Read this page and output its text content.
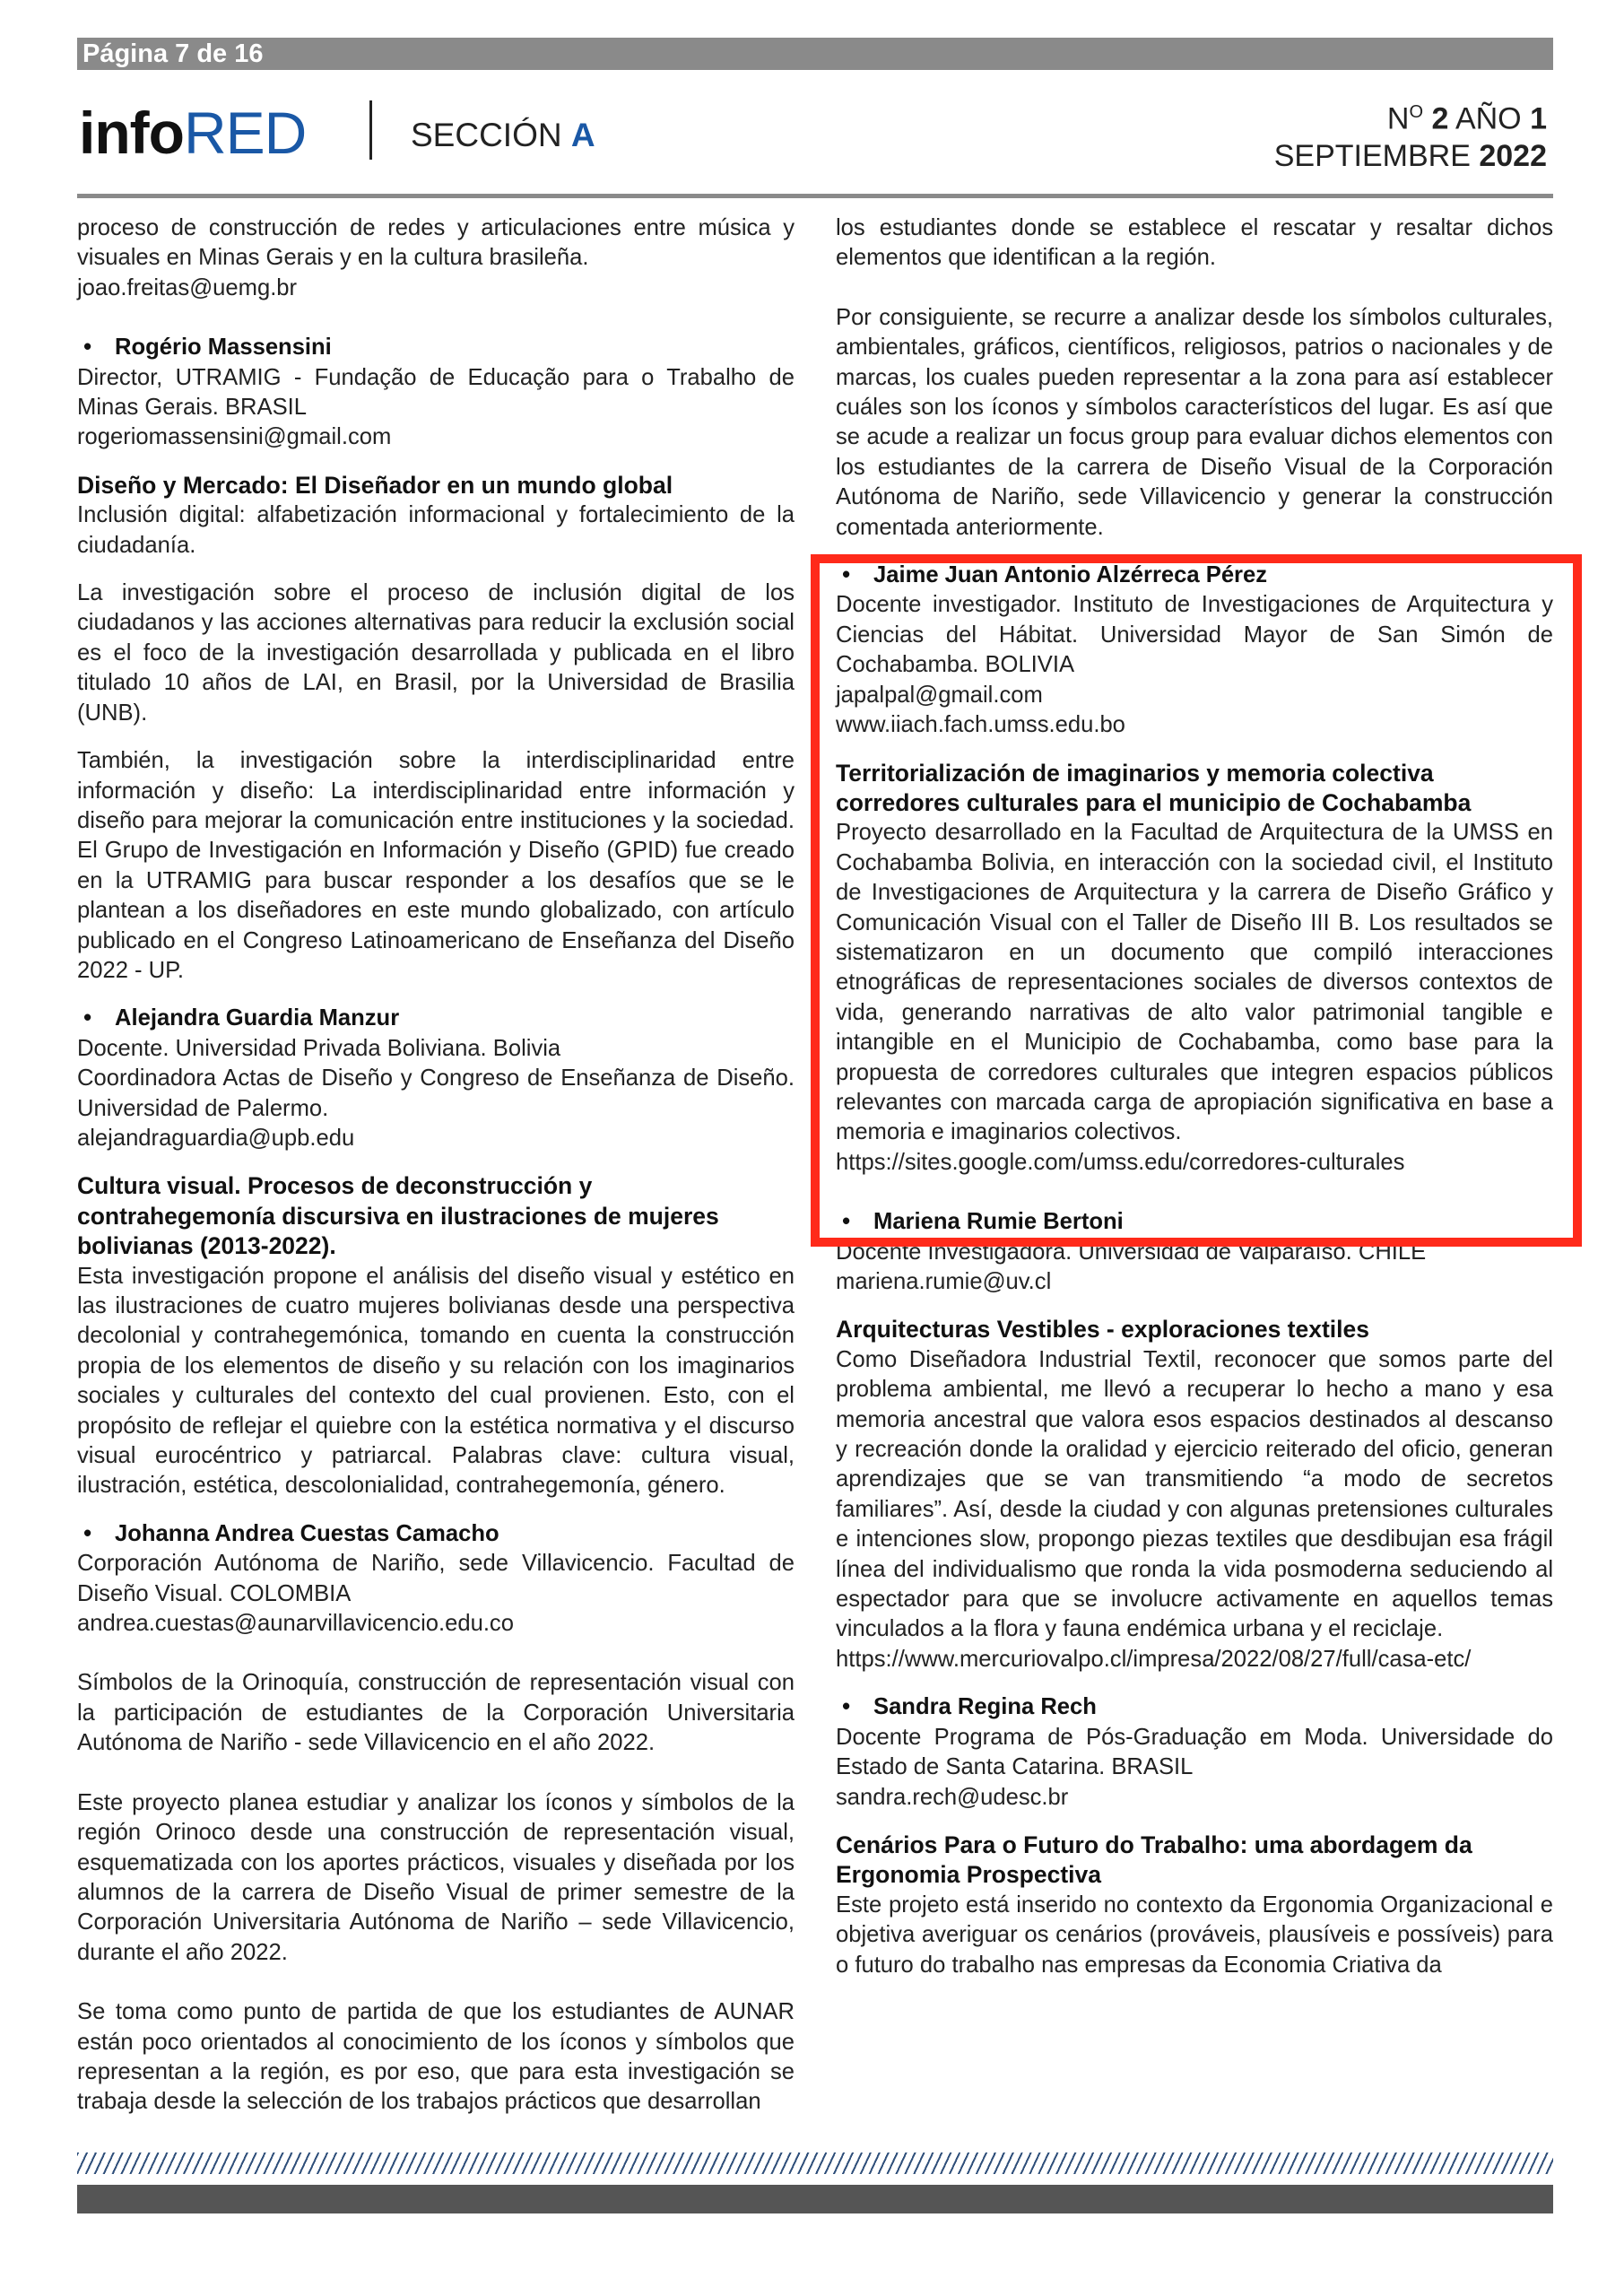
Página 7 de 16
infoRED	SECCIÓN A	$N^O$ 2 AÑO 1
SEPTIEMBRE 2022

proceso de construcción de redes y articulaciones entre música y visuales en Minas Gerais y en la cultura brasileña.

joao.freitas@uemg.br

• Rogério Massensini

Director, UTRAMIG - Fundação de Educação para o Trabalho de Minas Gerais. BRASIL

rogeriomassensini@gmail.com

Diseño y Mercado: El Diseñador en un mundo global

Inclusión digital: alfabetización informacional y fortalecimiento de la ciudadanía.

La investigación sobre el proceso de inclusión digital de los ciudadanos y las acciones alternativas para reducir la exclusión social es el foco de la investigación desarrollada y publicada en el libro titulado 10 años de LAI, en Brasil, por la Universidad de Brasilia (UNB).

También, la investigación sobre la interdisciplinaridad entre información y diseño: La interdisciplinaridad entre información y diseño para mejorar la comunicación entre instituciones y la sociedad. El Grupo de Investigación en Información y Diseño (GPID) fue creado en la UTRAMIG para buscar responder a los desafíos que se le plantean a los diseñadores en este mundo globalizado, con artículo publicado en el Congreso Latinoamericano de Enseñanza del Diseño 2022 - UP.

• Alejandra Guardia Manzur

Docente. Universidad Privada Boliviana. Bolivia

Coordinadora Actas de Diseño y Congreso de Enseñanza de Diseño. Universidad de Palermo.

alejandraguardia@upb.edu

Cultura visual. Procesos de deconstrucción y contrahegemonía discursiva en ilustraciones de mujeres bolivianas (2013-2022).

Esta investigación propone el análisis del diseño visual y estético en las ilustraciones de cuatro mujeres bolivianas desde una perspectiva decolonial y contrahegemónica, tomando en cuenta la construcción propia de los elementos de diseño y su relación con los imaginarios sociales y culturales del contexto del cual provienen. Esto, con el propósito de reflejar el quiebre con la estética normativa y el discurso visual eurocéntrico y patriarcal. Palabras clave: cultura visual, ilustración, estética, descolonialidad, contrahegemonía, género.

• Johanna Andrea Cuestas Camacho

Corporación Autónoma de Nariño, sede Villavicencio. Facultad de Diseño Visual. COLOMBIA

andrea.cuestas@aunarvillavicencio.edu.co

Símbolos de la Orinoquía, construcción de representación visual con la participación de estudiantes de la Corporación Universitaria Autónoma de Nariño - sede Villavicencio en el año 2022.

Este proyecto planea estudiar y analizar los íconos y símbolos de la región Orinoco desde una construcción de representación visual, esquematizada con los aportes prácticos, visuales y diseñada por los alumnos de la carrera de Diseño Visual de primer semestre de la Corporación Universitaria Autónoma de Nariño – sede Villavicencio, durante el año 2022.

Se toma como punto de partida de que los estudiantes de AUNAR están poco orientados al conocimiento de los íconos y símbolos que representan a la región, es por eso, que para esta investigación se trabaja desde la selección de los trabajos prácticos que desarrollan

los estudiantes donde se establece el rescatar y resaltar dichos elementos que identifican a la región.

Por consiguiente, se recurre a analizar desde los símbolos culturales, ambientales, gráficos, científicos, religiosos, patrios o nacionales y de marcas, los cuales pueden representar a la zona para así establecer cuáles son los íconos y símbolos característicos del lugar. Es así que se acude a realizar un focus group para evaluar dichos elementos con los estudiantes de la carrera de Diseño Visual de la Corporación Autónoma de Nariño, sede Villavicencio y generar la construcción comentada anteriormente.

• Jaime Juan Antonio Alzérreca Pérez

Docente investigador. Instituto de Investigaciones de Arquitectura y Ciencias del Hábitat. Universidad Mayor de San Simón de Cochabamba. BOLIVIA

japalpal@gmail.com

www.iiach.fach.umss.edu.bo

Territorialización de imaginarios y memoria colectiva corredores culturales para el municipio de Cochabamba

Proyecto desarrollado en la Facultad de Arquitectura de la UMSS en Cochabamba Bolivia, en interacción con la sociedad civil, el Instituto de Investigaciones de Arquitectura y la carrera de Diseño Gráfico y Comunicación Visual con el Taller de Diseño III B. Los resultados se sistematizaron en un documento que compiló interacciones etnográficas de representaciones sociales de diversos contextos de vida, generando narrativas de alto valor patrimonial tangible e intangible en el Municipio de Cochabamba, como base para la propuesta de corredores culturales que integren espacios públicos relevantes con marcada carga de apropiación significativa en base a memoria e imaginarios colectivos.

https://sites.google.com/umss.edu/corredores-culturales

• Mariena Rumie Bertoni

Docente Investigadora. Universidad de Valparaíso. CHILE

mariena.rumie@uv.cl

Arquitecturas Vestibles - exploraciones textiles

Como Diseñadora Industrial Textil, reconocer que somos parte del problema ambiental, me llevó a recuperar lo hecho a mano y esa memoria ancestral que valora esos espacios destinados al descanso y recreación donde la oralidad y ejercicio reiterado del oficio, generan aprendizajes que se van transmitiendo “a modo de secretos familiares”. Así, desde la ciudad y con algunas pretensiones culturales e intenciones slow, propongo piezas textiles que desdibujan esa frágil línea del individualismo que ronda la vida posmoderna seduciendo al espectador para que se involucre activamente en aquellos temas vinculados a la flora y fauna endémica urbana y el reciclaje.

https://www.mercuriovalpo.cl/impresa/2022/08/27/full/casa-etc/

• Sandra Regina Rech

Docente Programa de Pós-Graduação em Moda. Universidade do Estado de Santa Catarina. BRASIL

sandra.rech@udesc.br

Cenários Para o Futuro do Trabalho: uma abordagem da Ergonomia Prospectiva

Este projeto está inserido no contexto da Ergonomia Organizacional e objetiva averiguar os cenários (prováveis, plausíveis e possíveis) para o futuro do trabalho nas empresas da Economia Criativa da
